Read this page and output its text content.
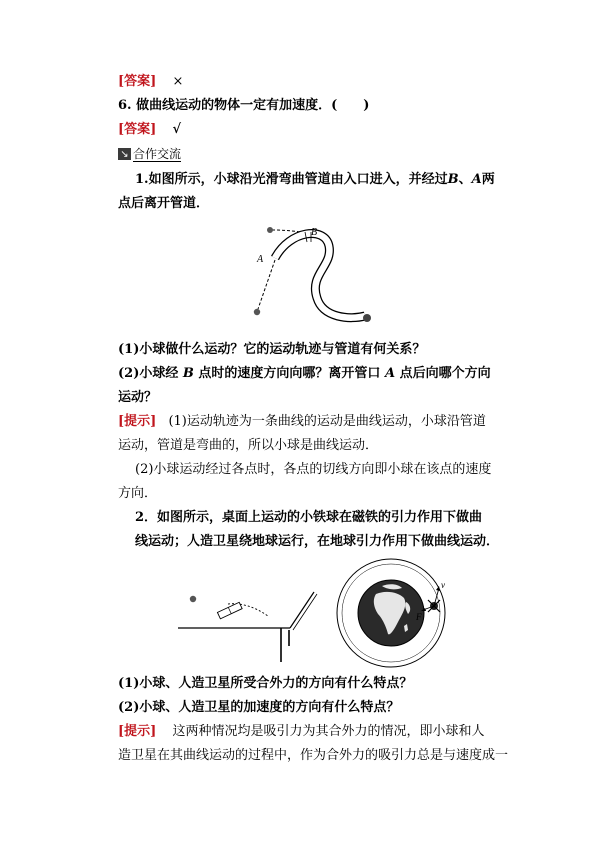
[答案] ×
6. 做曲线运动的物体一定有加速度．(　　)
[答案] √
↘ 合作交流
1.如图所示，小球沿光滑弯曲管道由入口进入，并经过B、A两
点后离开管道．
A
B
(1)小球做什么运动？它的运动轨迹与管道有何关系？
(2)小球经 B 点时的速度方向向哪？离开管口 A 点后向哪个方向
运动？
[提示] (1)运动轨迹为一条曲线的运动是曲线运动，小球沿管道
运动，管道是弯曲的，所以小球是曲线运动．
(2)小球运动经过各点时，各点的切线方向即小球在该点的速度
方向．
2．如图所示，桌面上运动的小铁球在磁铁的引力作用下做曲
线运动；人造卫星绕地球运行，在地球引力作用下做曲线运动．
v
F
(1)小球、人造卫星所受合外力的方向有什么特点？
(2)小球、人造卫星的加速度的方向有什么特点？
[提示] 这两种情况均是吸引力为其合外力的情况，即小球和人
造卫星在其曲线运动的过程中，作为合外力的吸引力总是与速度成一
